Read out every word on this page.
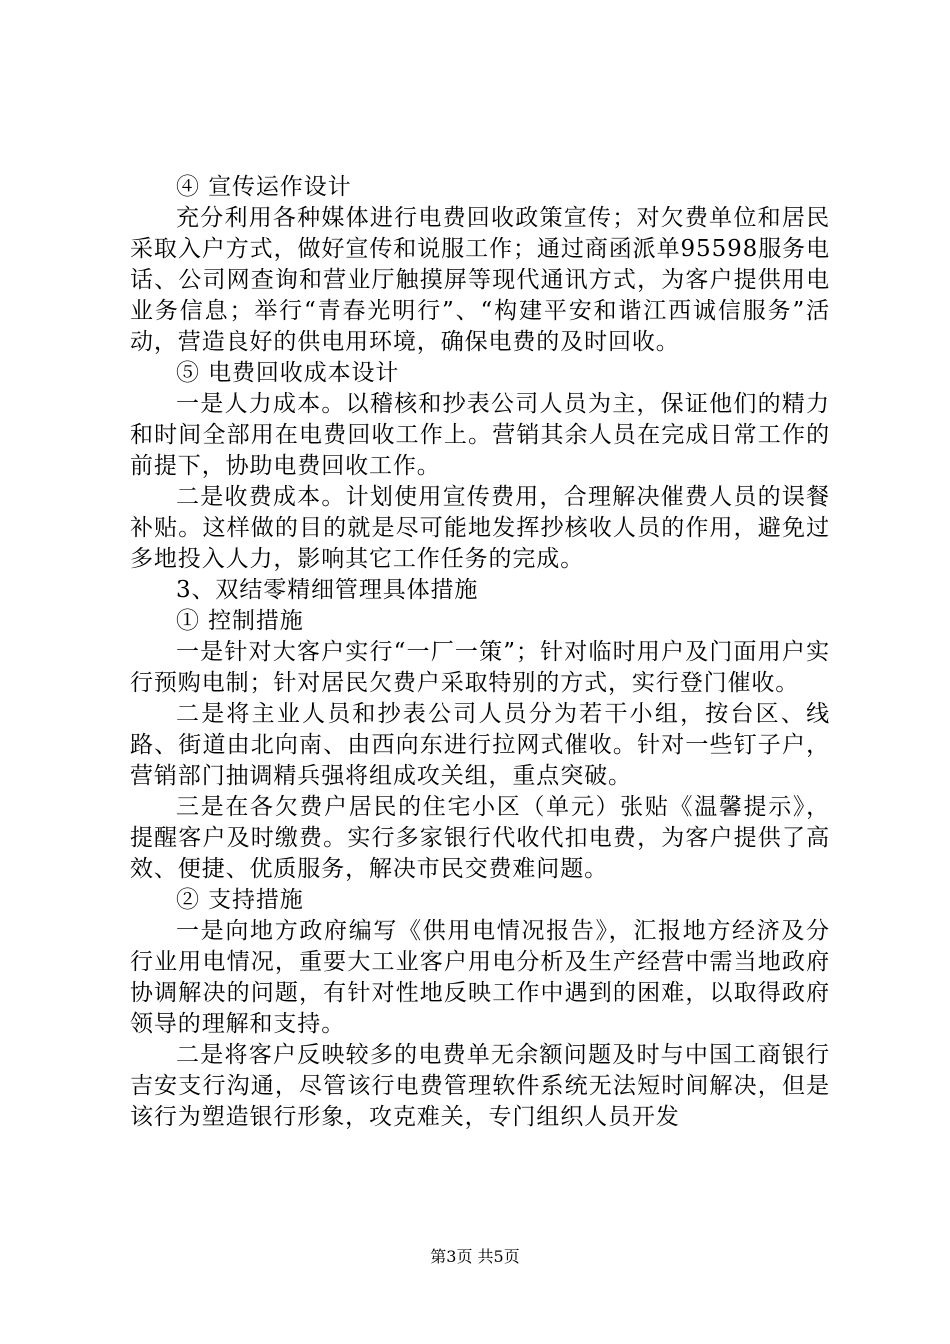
④ 宣传运作设计

充分利用各种媒体进行电费回收政策宣传；对欠费单位和居民采取入户方式，做好宣传和说服工作；通过商函派单95598服务电话、公司网查询和营业厅触摸屏等现代通讯方式，为客户提供用电业务信息；举行“青春光明行”、“构建平安和谐江西诚信服务”活动，营造良好的供电用环境，确保电费的及时回收。

⑤ 电费回收成本设计

一是人力成本。以稽核和抄表公司人员为主，保证他们的精力和时间全部用在电费回收工作上。营销其余人员在完成日常工作的前提下，协助电费回收工作。

二是收费成本。计划使用宣传费用，合理解决催费人员的误餐补贴。这样做的目的就是尽可能地发挥抄核收人员的作用，避免过多地投入人力，影响其它工作任务的完成。

3、双结零精细管理具体措施

① 控制措施

一是针对大客户实行“一厂一策”；针对临时用户及门面用户实行预购电制；针对居民欠费户采取特别的方式，实行登门催收。

二是将主业人员和抄表公司人员分为若干小组，按台区、线路、街道由北向南、由西向东进行拉网式催收。针对一些钉子户，营销部门抽调精兵强将组成攻关组，重点突破。

三是在各欠费户居民的住宅小区（单元）张贴《温馨提示》，提醒客户及时缴费。实行多家银行代收代扣电费，为客户提供了高效、便捷、优质服务，解决市民交费难问题。

② 支持措施

一是向地方政府编写《供用电情况报告》，汇报地方经济及分行业用电情况，重要大工业客户用电分析及生产经营中需当地政府协调解决的问题，有针对性地反映工作中遇到的困难，以取得政府领导的理解和支持。

二是将客户反映较多的电费单无余额问题及时与中国工商银行吉安支行沟通，尽管该行电费管理软件系统无法短时间解决，但是该行为塑造银行形象，攻克难关，专门组织人员开发

第3页 共5页
